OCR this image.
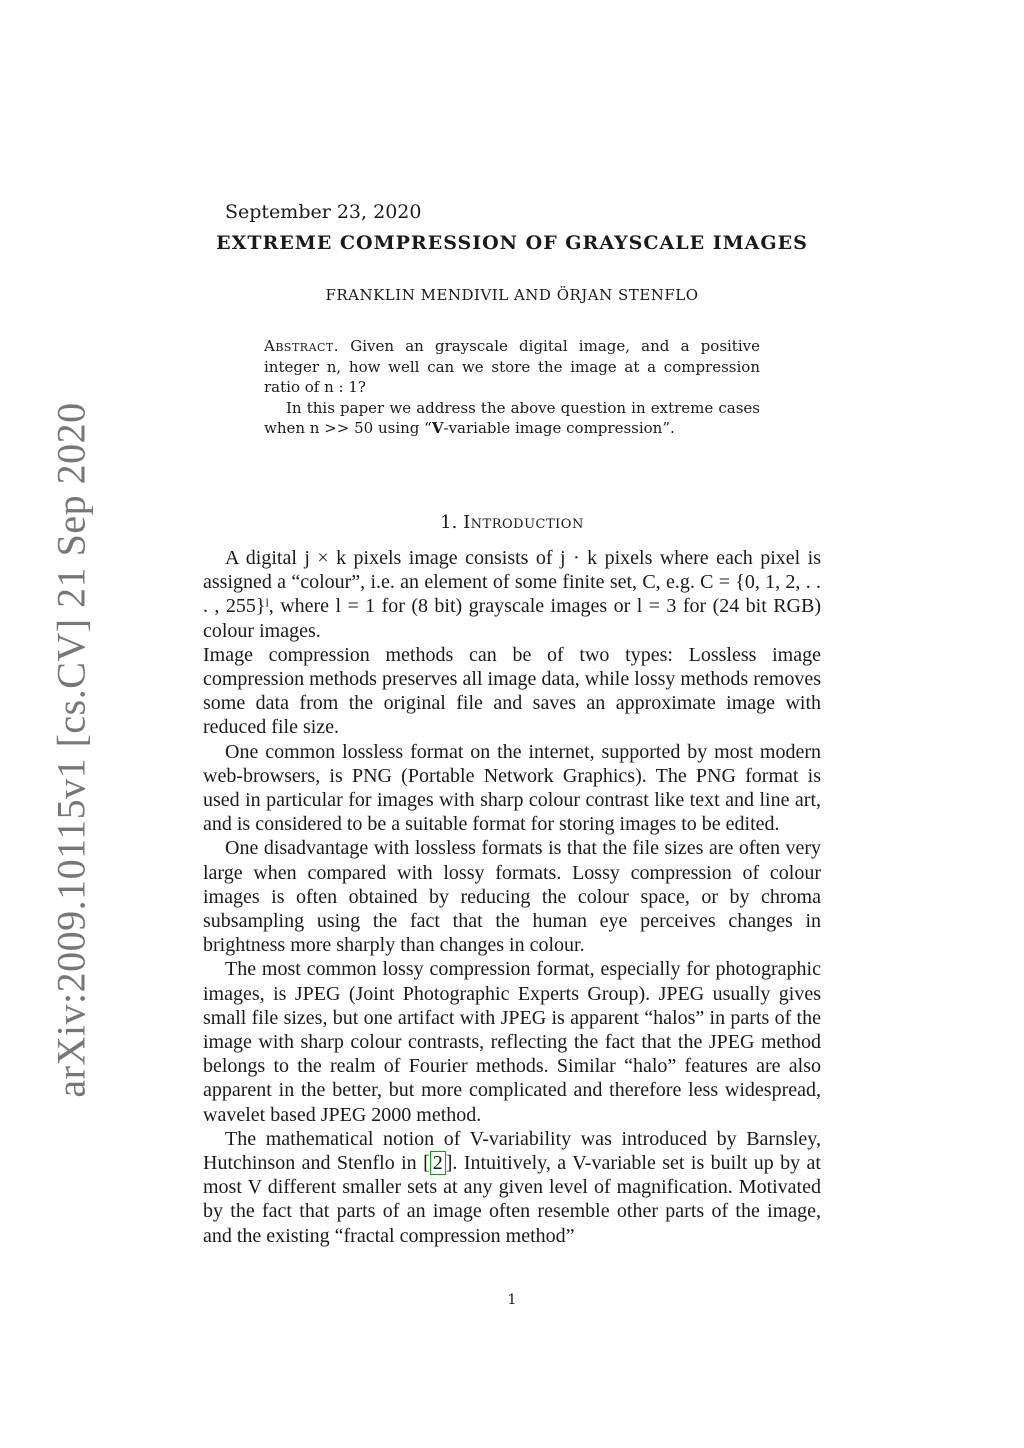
arXiv:2009.10115v1 [cs.CV] 21 Sep 2020
September 23, 2020
EXTREME COMPRESSION OF GRAYSCALE IMAGES
FRANKLIN MENDIVIL AND ÖRJAN STENFLO

Abstract. Given an grayscale digital image, and a positive integer n, how well can we store the image at a compression ratio of n : 1?

In this paper we address the above question in extreme cases when n >> 50 using “V-variable image compression”.

1. Introduction

A digital j × k pixels image consists of j · k pixels where each pixel is assigned a “colour”, i.e. an element of some finite set, C, e.g. C = {0, 1, 2, . . . , 255}ˡ, where l = 1 for (8 bit) grayscale images or l = 3 for (24 bit RGB) colour images.

Image compression methods can be of two types: Lossless image compression methods preserves all image data, while lossy methods removes some data from the original file and saves an approximate image with reduced file size.

One common lossless format on the internet, supported by most modern web-browsers, is PNG (Portable Network Graphics). The PNG format is used in particular for images with sharp colour contrast like text and line art, and is considered to be a suitable format for storing images to be edited.

One disadvantage with lossless formats is that the file sizes are often very large when compared with lossy formats. Lossy compression of colour images is often obtained by reducing the colour space, or by chroma subsampling using the fact that the human eye perceives changes in brightness more sharply than changes in colour.

The most common lossy compression format, especially for photographic images, is JPEG (Joint Photographic Experts Group). JPEG usually gives small file sizes, but one artifact with JPEG is apparent “halos” in parts of the image with sharp colour contrasts, reflecting the fact that the JPEG method belongs to the realm of Fourier methods. Similar “halo” features are also apparent in the better, but more complicated and therefore less widespread, wavelet based JPEG 2000 method.

The mathematical notion of V-variability was introduced by Barnsley, Hutchinson and Stenflo in [ 2 ]. Intuitively, a V-variable set is built up by at most V different smaller sets at any given level of magnification. Motivated by the fact that parts of an image often resemble other parts of the image, and the existing “fractal compression method”

1
